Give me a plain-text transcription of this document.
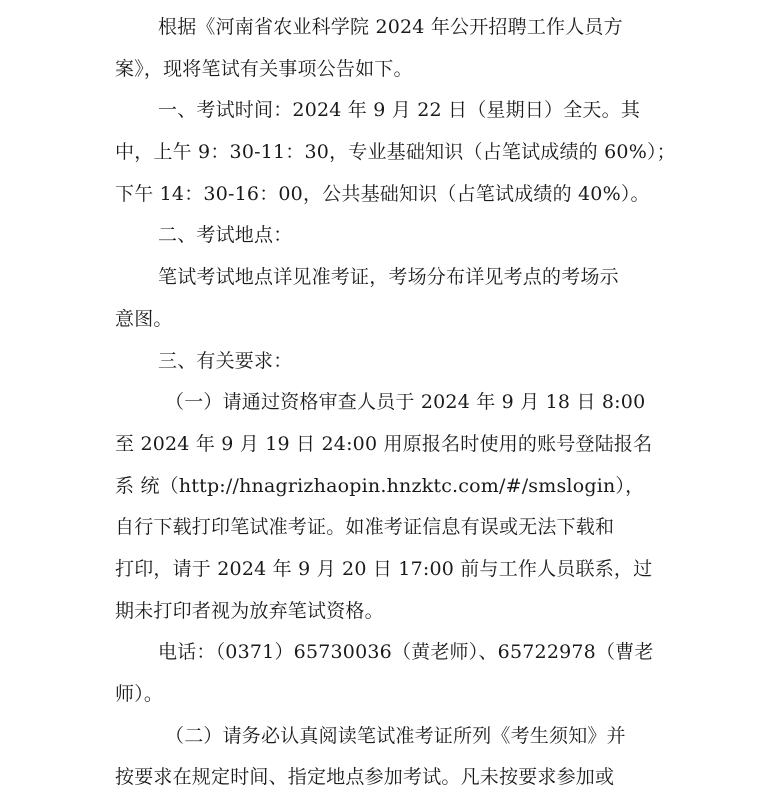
根据《河南省农业科学院 2024 年公开招聘工作人员方
案》，现将笔试有关事项公告如下。
一、考试时间：2024 年 9 月 22 日（星期日）全天。其
中，上午 9：30-11：30，专业基础知识（占笔试成绩的 60%）；
下午 14：30-16：00，公共基础知识（占笔试成绩的 40%）。
二、考试地点：
笔试考试地点详见准考证，考场分布详见考点的考场示
意图。
三、有关要求：
（一）请通过资格审查人员于 2024 年 9 月 18 日 8:00
至 2024 年 9 月 19 日 24:00 用原报名时使用的账号登陆报名
系 统（http://hnagrizhaopin.hnzktc.com/#/smslogin），
自行下载打印笔试准考证。如准考证信息有误或无法下载和
打印，请于 2024 年 9 月 20 日 17:00 前与工作人员联系，过
期未打印者视为放弃笔试资格。
电话：（0371）65730036（黄老师）、65722978（曹老
师）。
（二）请务必认真阅读笔试准考证所列《考生须知》并
按要求在规定时间、指定地点参加考试。凡未按要求参加或
